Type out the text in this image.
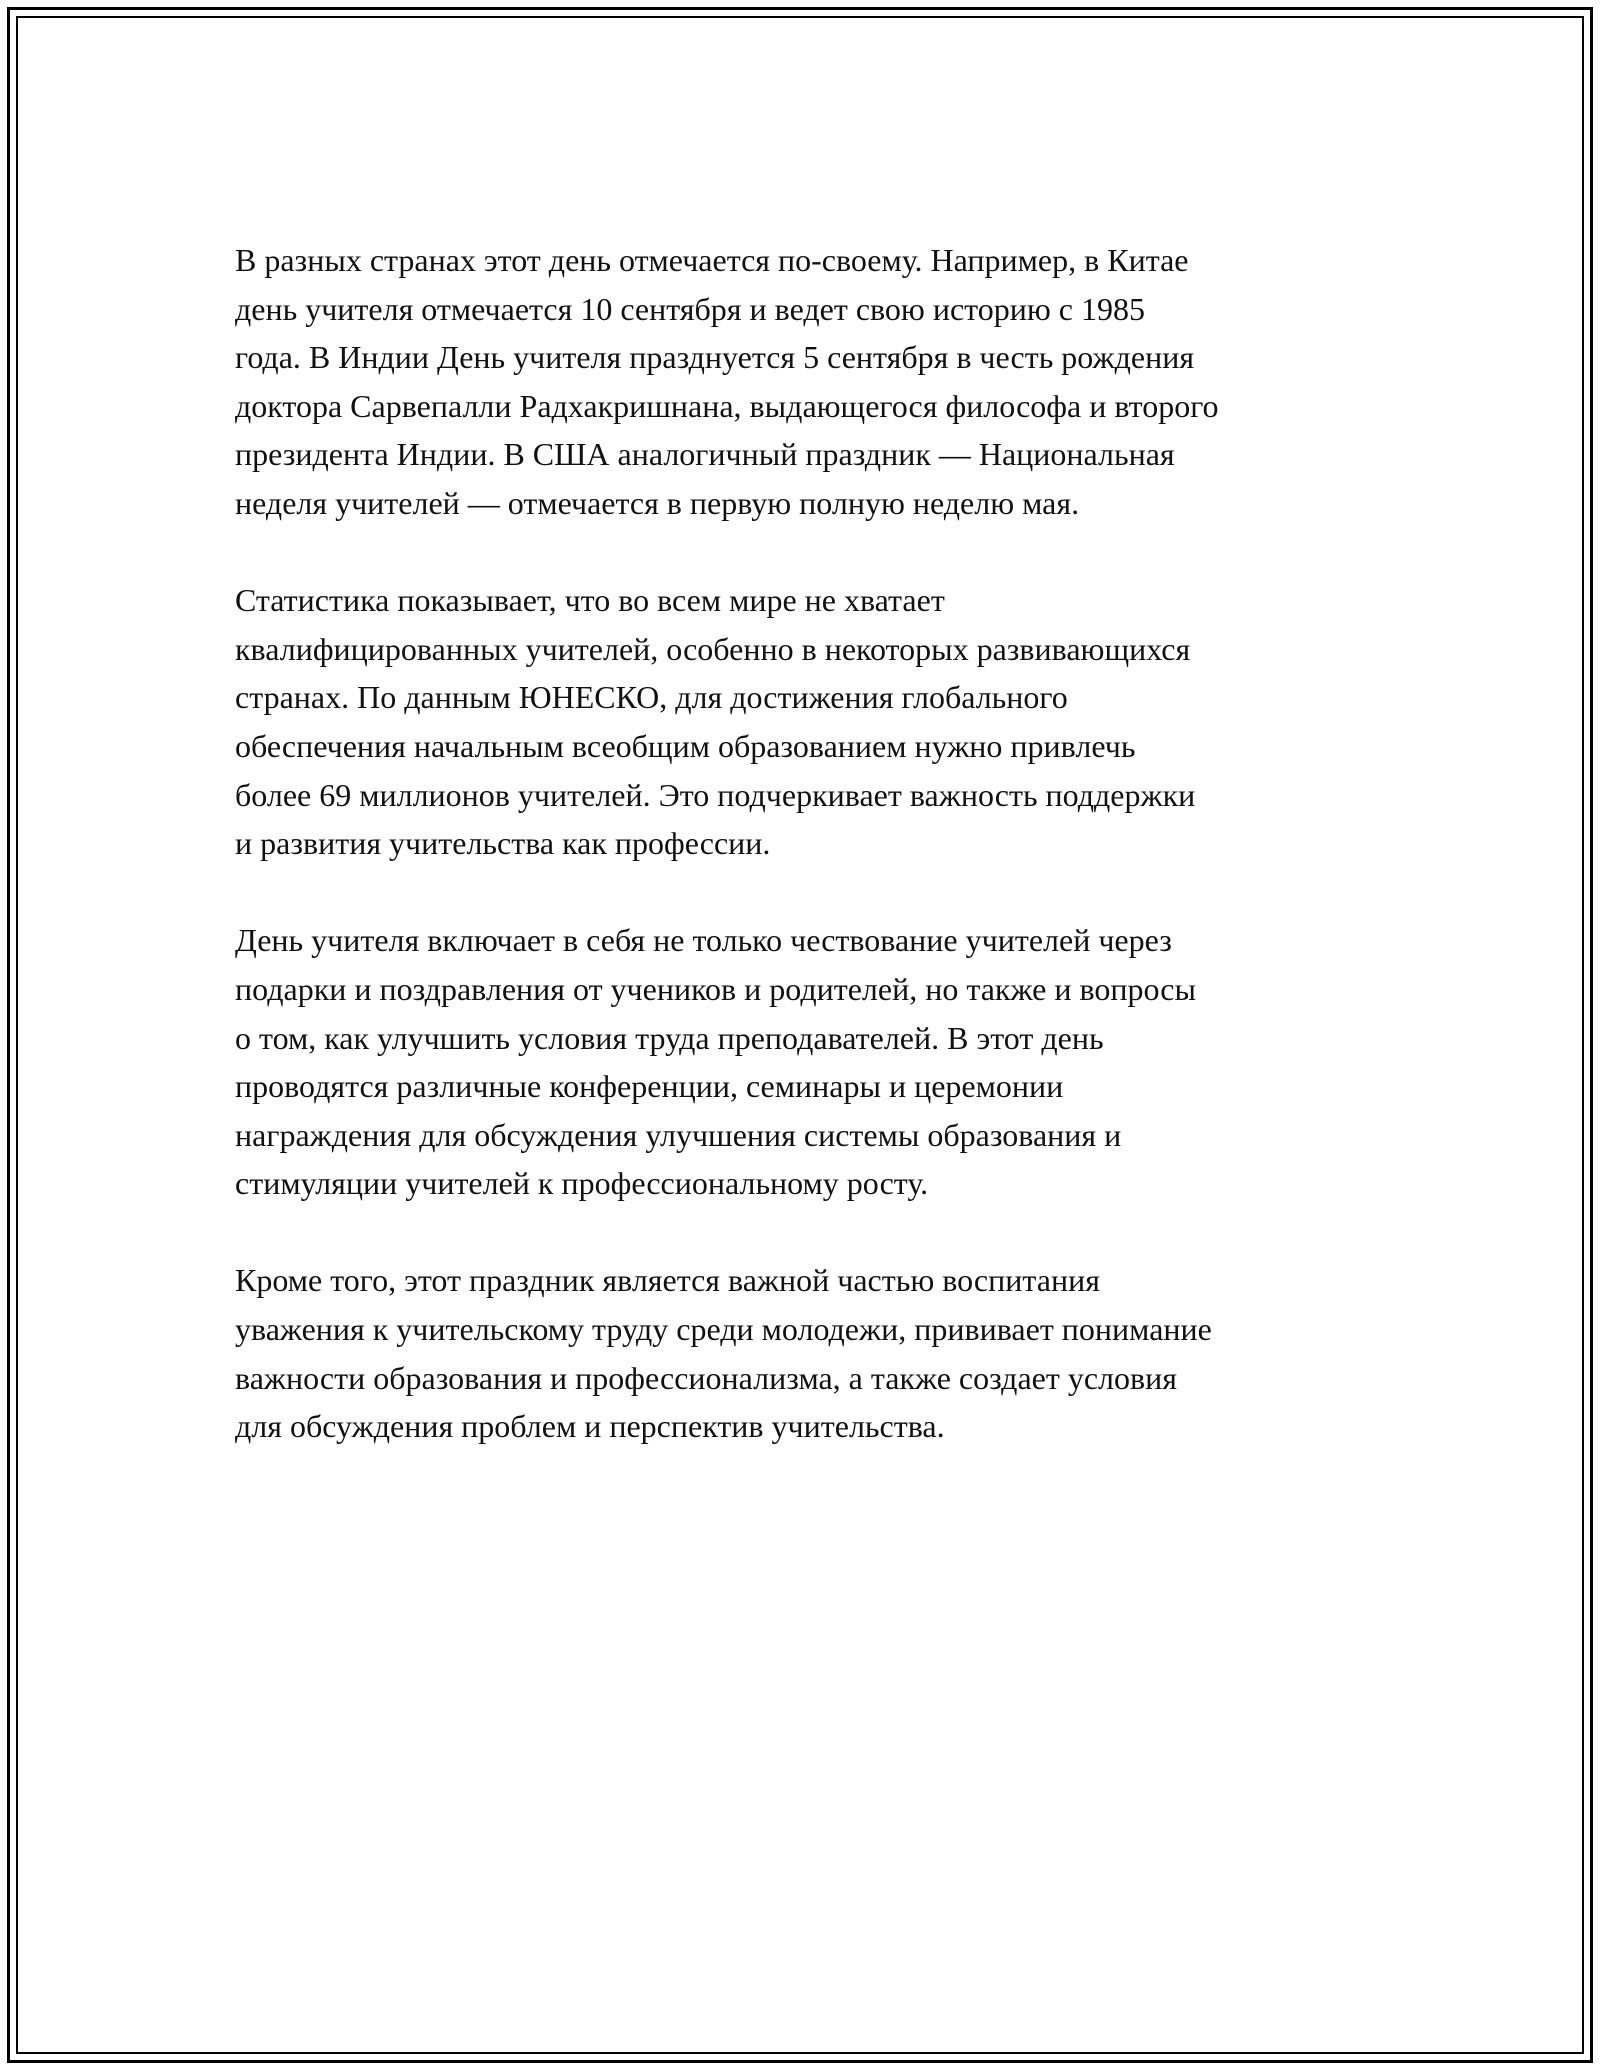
В разных странах этот день отмечается по-своему. Например, в Китае
день учителя отмечается 10 сентября и ведет свою историю с 1985
года. В Индии День учителя празднуется 5 сентября в честь рождения
доктора Сарвепалли Радхакришнана, выдающегося философа и второго
президента Индии. В США аналогичный праздник — Национальная
неделя учителей — отмечается в первую полную неделю мая.

Статистика показывает, что во всем мире не хватает
квалифицированных учителей, особенно в некоторых развивающихся
странах. По данным ЮНЕСКО, для достижения глобального
обеспечения начальным всеобщим образованием нужно привлечь
более 69 миллионов учителей. Это подчеркивает важность поддержки
и развития учительства как профессии.

День учителя включает в себя не только чествование учителей через
подарки и поздравления от учеников и родителей, но также и вопросы
о том, как улучшить условия труда преподавателей. В этот день
проводятся различные конференции, семинары и церемонии
награждения для обсуждения улучшения системы образования и
стимуляции учителей к профессиональному росту.

Кроме того, этот праздник является важной частью воспитания
уважения к учительскому труду среди молодежи, прививает понимание
важности образования и профессионализма, а также создает условия
для обсуждения проблем и перспектив учительства.
